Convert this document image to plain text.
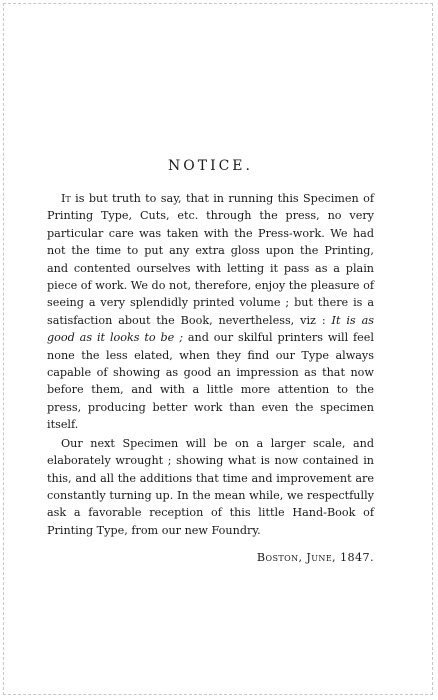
NOTICE.

It is but truth to say, that in running this Specimen of Printing Type, Cuts, etc. through the press, no very particular care was taken with the Press-work. We had not the time to put any extra gloss upon the Printing, and contented ourselves with letting it pass as a plain piece of work. We do not, therefore, enjoy the pleasure of seeing a very splendidly printed volume ; but there is a satisfaction about the Book, nevertheless, viz : It is as good as it looks to be ; and our skilful printers will feel none the less elated, when they find our Type always capable of showing as good an impression as that now before them, and with a little more attention to the press, producing better work than even the specimen itself.

Our next Specimen will be on a larger scale, and elaborately wrought ; showing what is now contained in this, and all the additions that time and improvement are constantly turning up. In the mean while, we respectfully ask a favorable reception of this little Hand-Book of Printing Type, from our new Foundry.

Boston, June, 1847.
